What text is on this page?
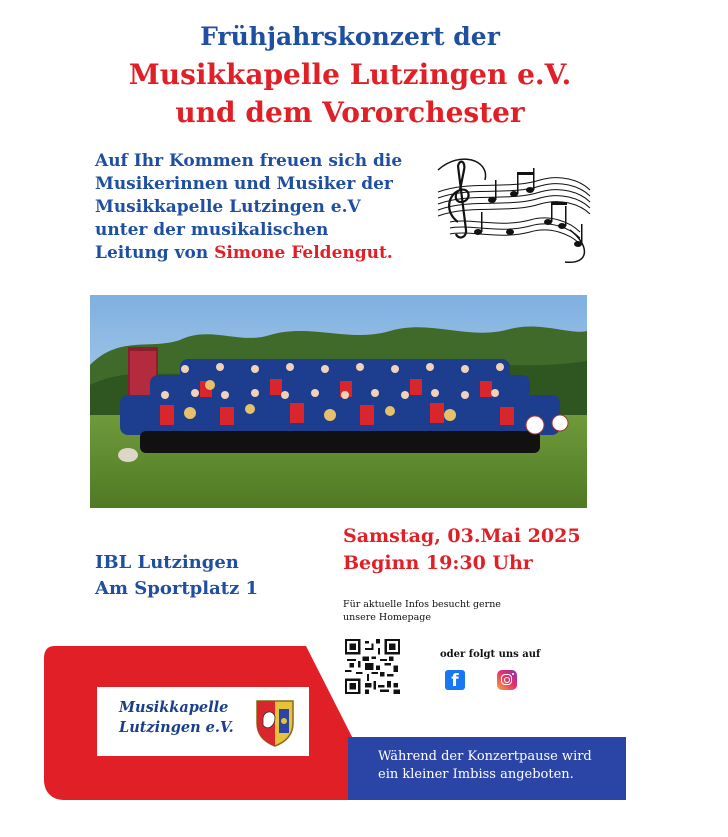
Frühjahrskonzert der
Musikkapelle Lutzingen e.V.
und dem Vororchester
Auf Ihr Kommen freuen sich die
Musikerinnen und Musiker der
Musikkapelle Lutzingen e.V
unter der musikalischen
Leitung von Simone Feldengut.
IBL Lutzingen
Am Sportplatz 1
Samstag, 03.Mai 2025
Beginn 19:30 Uhr
Für aktuelle Infos besucht gerne
unsere Homepage
oder folgt uns auf
f
Während der Konzertpause wird
ein kleiner Imbiss angeboten.
Musikkapelle
Lutzingen e.V.
